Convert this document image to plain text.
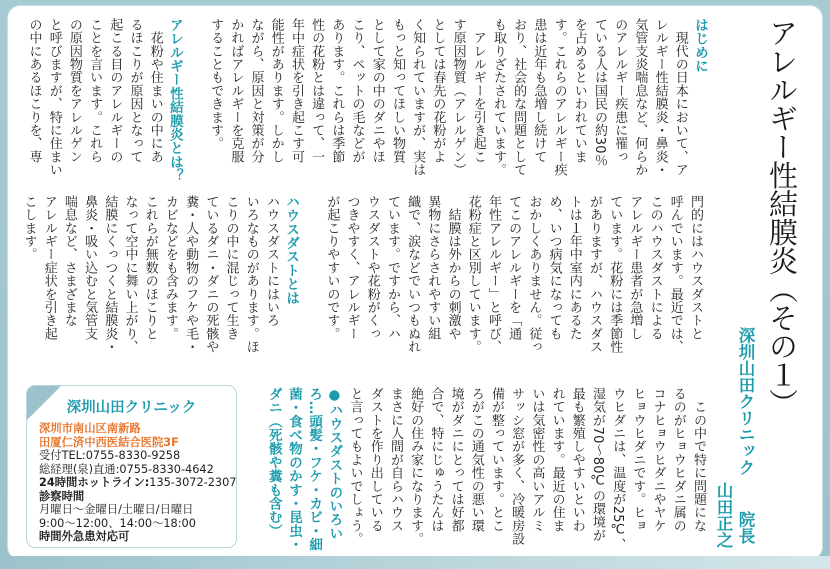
アレルギー性結膜炎（その１）
深圳山田クリニック
院長
山田正之
はじめに
　現代の日本において、ア
レルギー性結膜炎・鼻炎・
気管支炎喘息など、何らか
のアレルギー疾患に罹っ
ている人は国民の約30％
を占めるといわれていま
す。これらのアレルギー疾
患は近年も急増し続けて
おり、社会的な問題として
も取りざたされています。
　アレルギーを引き起こ
す原因物質（アレルゲン）
としては春先の花粉がよ
く知られていますが、実は
もっと知ってほしい物質
として家の中のダニやほ
こり、ペットの毛などが
あります。これらは季節
性の花粉とは違って、一
年中症状を引き起こす可
能性があります。しかし
ながら、原因と対策が分
かればアレルギーを克服
することもできます。
アレルギー性結膜炎とは？
　花粉や住まいの中にあ
るほこりが原因となって
起こる目のアレルギーの
ことを言います。これら
の原因物質をアレルゲン
と呼びますが、特に住まい
の中にあるほこりを、専
門的にはハウスダストと
呼んでいます。最近では、
このハウスダストによる
アレルギー患者が急増し
ています。花粉には季節性
がありますが、ハウスダス
トは１年中室内にあるた
め、いつ病気になっても
おかしくありません。従っ
てこのアレルギーを「通
年性アレルギー」と呼び、
花粉症と区別しています。
　結膜は外からの刺激や
異物にさらされやすい組
織で、涙などでいつもぬれ
ています。ですから、ハ
ウスダストや花粉がくっ
つきやすく、アレルギー
が起こりやすいのです。
ハウスダストとは
ハウスダストにはいろ
いろなものがあります。ほ
こりの中に混じって生き
ているダニ・ダニの死骸や
糞・人や動物のフケや毛・
カビなどをも含みます。
これらが無数のほこりと
なって空中に舞い上がり、
結膜にくっつくと結膜炎・
鼻炎・吸い込むと気管支
喘息など、さまざまな
アレルギー症状を引き起
こします。
　この中で特に問題にな
るのがヒョウヒダニ属の
コナヒョウヒダニやヤケ
ヒョウヒダニです。ヒョ
ウヒダニは、温度が25℃、
湿気が70～80℃の環境が
最も繁殖しやすいといわ
れています。最近の住ま
いは気密性の高いアルミ
サッシ窓が多く、冷暖房設
備が整っています。とこ
ろがこの通気性の悪い環
境がダニにとっては好都
合で、特にじゅうたんは
絶好の住み家になります。
まさに人間が自らハウス
ダストを作り出している
と言ってもよいでしょう。
●ハウスダストのいろい
ろ…頭髪・フケ・カビ・細
菌・食べ物のかす・昆虫・
ダニ（死骸や糞も含む）
深圳山田クリニック
深圳市南山区南新路
田厦仁済中西医結合医院3F
受付TEL:0755-8330-9258
総経理(泉)直通:0755-8330-4642
24時間ホットライン:135-3072-2307
診察時間
月曜日～金曜日/土曜日/日曜日
9:00～12:00、14:00～18:00
時間外急患対応可
